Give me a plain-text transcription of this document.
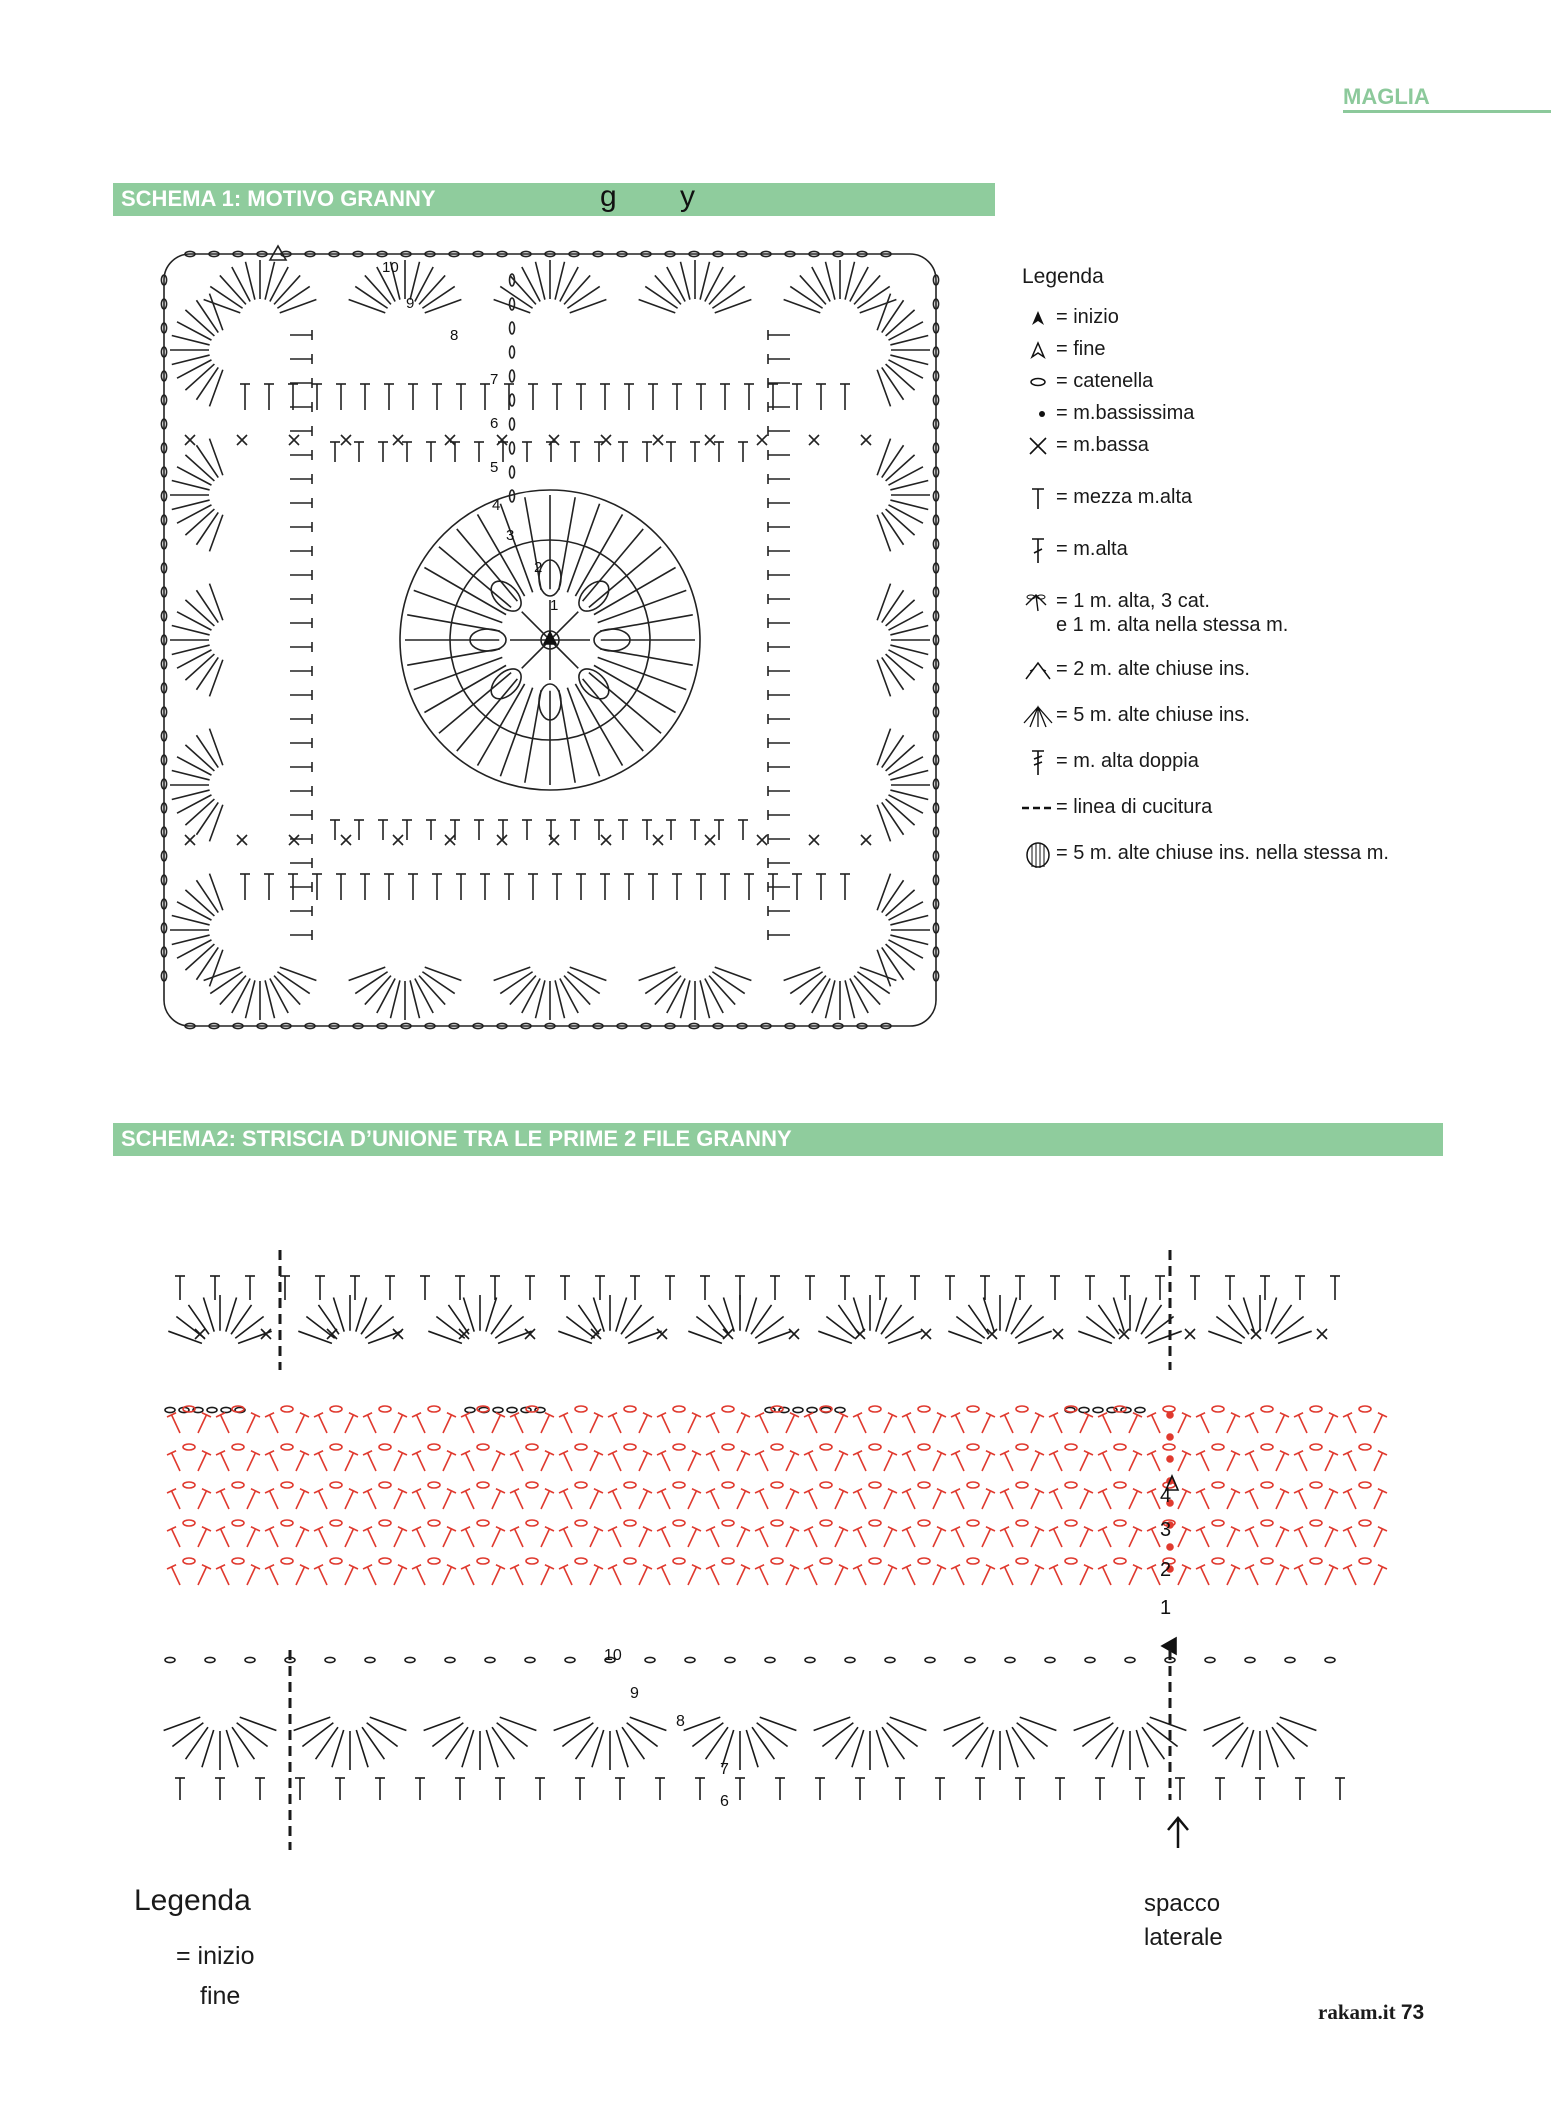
MAGLIA
SCHEMA 1: MOTIVO GRANNY	g y
10
9
8
7
6
5
4
3
2
1
Legenda
= inizio
= fine
= catenella
= m.bassissima
= m.bassa
= mezza m.alta
= m.alta
= 1 m. alta, 3 cat.
e 1 m. alta nella stessa m.
= 2 m. alte chiuse ins.
= 5 m. alte chiuse ins.
= m. alta doppia
= linea di cucitura
= 5 m. alte chiuse ins. nella stessa m.
SCHEMA2: STRISCIA D’UNIONE TRA LE PRIME 2 FILE GRANNY
4
3
2
1
10
9
8
7
6
Legenda
= inizio
fine
spacco
laterale
rakam.it 73
